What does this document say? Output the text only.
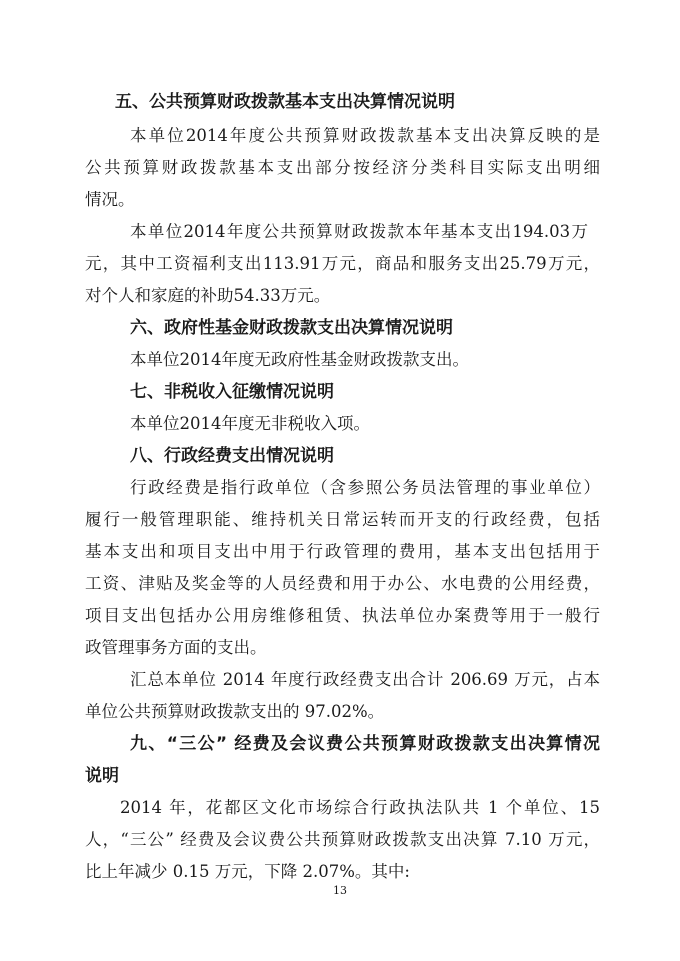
五、公共预算财政拨款基本支出决算情况说明
本单位2014年度公共预算财政拨款基本支出决算反映的是
公共预算财政拨款基本支出部分按经济分类科目实际支出明细
情况。
本单位2014年度公共预算财政拨款本年基本支出194.03万
元，其中工资福利支出113.91万元，商品和服务支出25.79万元，
对个人和家庭的补助54.33万元。
六、政府性基金财政拨款支出决算情况说明
本单位2014年度无政府性基金财政拨款支出。
七、非税收入征缴情况说明
本单位2014年度无非税收入项。
八、行政经费支出情况说明
行政经费是指行政单位（含参照公务员法管理的事业单位）
履行一般管理职能、维持机关日常运转而开支的行政经费，包括
基本支出和项目支出中用于行政管理的费用，基本支出包括用于
工资、津贴及奖金等的人员经费和用于办公、水电费的公用经费，
项目支出包括办公用房维修租赁、执法单位办案费等用于一般行
政管理事务方面的支出。
汇总本单位 2014 年度行政经费支出合计 206.69 万元，占本
单位公共预算财政拨款支出的 97.02%。
九、“三公” 经费及会议费公共预算财政拨款支出决算情况
说明
2014 年，花都区文化市场综合行政执法队共 1 个单位、15
人，“三公” 经费及会议费公共预算财政拨款支出决算 7.10 万元，
比上年减少 0.15 万元，下降 2.07%。其中:
13
